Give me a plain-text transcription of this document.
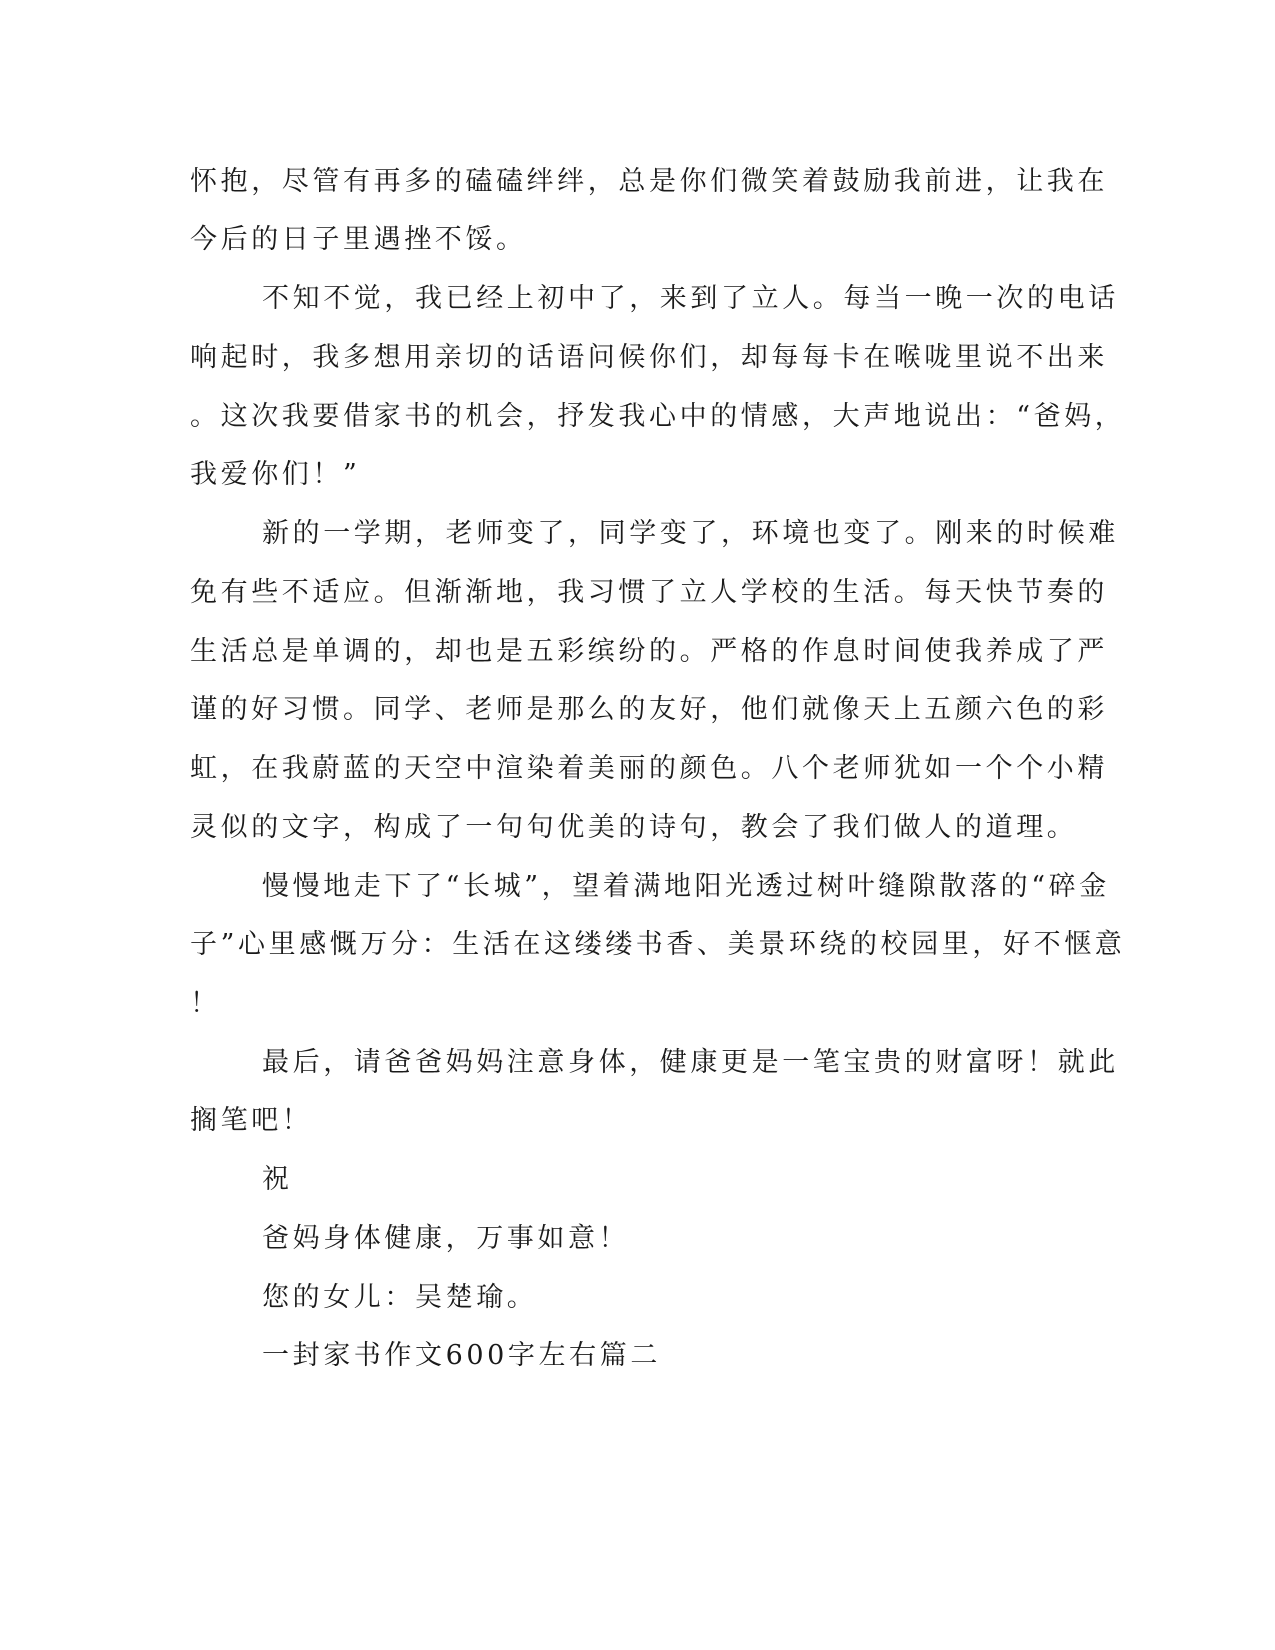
怀抱，尽管有再多的磕磕绊绊，总是你们微笑着鼓励我前进，让我在
今后的日子里遇挫不馁。
不知不觉，我已经上初中了，来到了立人。每当一晚一次的电话
响起时，我多想用亲切的话语问候你们，却每每卡在喉咙里说不出来
。这次我要借家书的机会，抒发我心中的情感，大声地说出：“爸妈，
我爱你们！”
新的一学期，老师变了，同学变了，环境也变了。刚来的时候难
免有些不适应。但渐渐地，我习惯了立人学校的生活。每天快节奏的
生活总是单调的，却也是五彩缤纷的。严格的作息时间使我养成了严
谨的好习惯。同学、老师是那么的友好，他们就像天上五颜六色的彩
虹，在我蔚蓝的天空中渲染着美丽的颜色。八个老师犹如一个个小精
灵似的文字，构成了一句句优美的诗句，教会了我们做人的道理。
慢慢地走下了“长城”，望着满地阳光透过树叶缝隙散落的“碎金
子”心里感慨万分：生活在这缕缕书香、美景环绕的校园里，好不惬意
！
最后，请爸爸妈妈注意身体，健康更是一笔宝贵的财富呀！就此
搁笔吧！
祝
爸妈身体健康，万事如意！
您的女儿：吴楚瑜。
一封家书作文600字左右篇二
